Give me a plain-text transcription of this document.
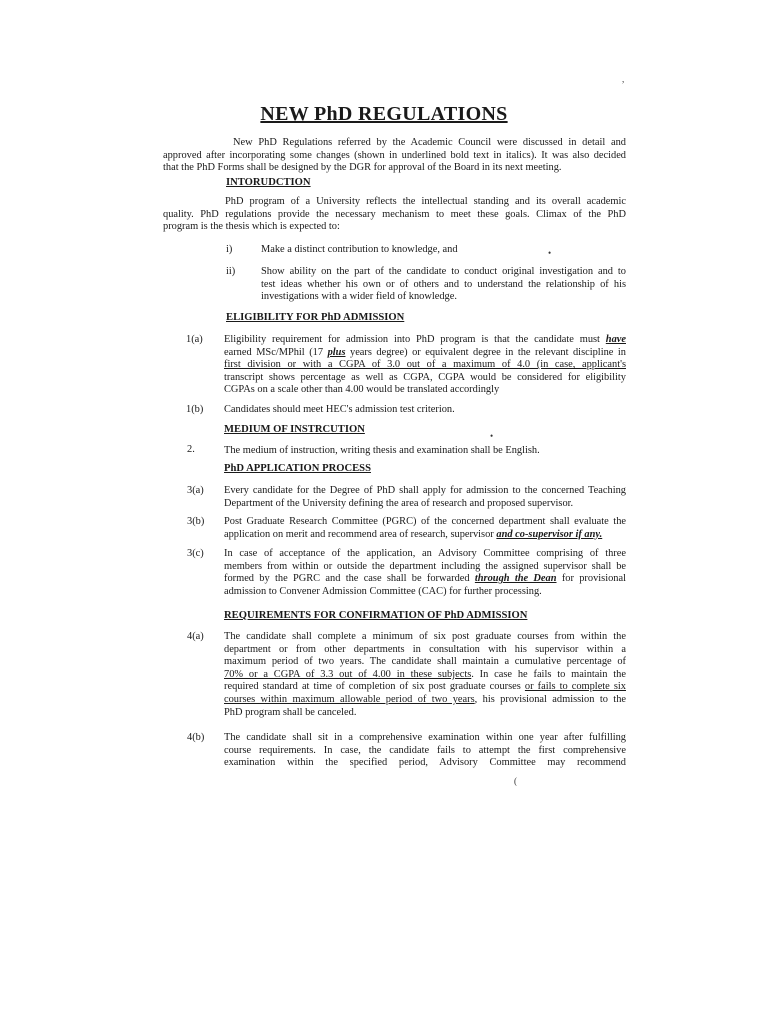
NEW PhD REGULATIONS
New PhD Regulations referred by the Academic Council were discussed in detail and
approved after incorporating some changes (shown in underlined bold text in italics). It was also decided
that the PhD Forms shall be designed by the DGR for approval of the Board in its next meeting.
INTORUDCTION
PhD program of a University reflects the intellectual standing and its overall academic
quality. PhD regulations provide the necessary mechanism to meet these goals. Climax of the PhD
program is the thesis which is expected to:
i)	Make a distinct contribution to knowledge, and	•
ii) Show ability on the part of the candidate to conduct original investigation and to
test ideas whether his own or of others and to understand the relationship of his
investigations with a wider field of knowledge.
ELIGIBILITY FOR PhD ADMISSION
1(a) Eligibility requirement for admission into PhD program is that the candidate must have
earned MSc/MPhil (17 plus years degree) or equivalent degree in the relevant discipline in
first division or with a CGPA of 3.0 out of a maximum of 4.0 (in case, applicant's
transcript shows percentage as well as CGPA, CGPA would be considered for eligibility
CGPAs on a scale other than 4.00 would be translated accordingly
1(b) Candidates should meet HEC's admission test criterion.
MEDIUM OF INSTRCUTION
•
2.	The medium of instruction, writing thesis and examination shall be English.
PhD APPLICATION PROCESS
3(a) Every candidate for the Degree of PhD shall apply for admission to the concerned Teaching
Department of the University defining the area of research and proposed supervisor.
3(b) Post Graduate Research Committee (PGRC) of the concerned department shall evaluate the
application on merit and recommend area of research, supervisor and co-supervisor if any.
3(c) In case of acceptance of the application, an Advisory Committee comprising of three
members from within or outside the department including the assigned supervisor shall be
formed by the PGRC and the case shall be forwarded through the Dean for provisional
admission to Convener Admission Committee (CAC) for further processing.
REQUIREMENTS FOR CONFIRMATION OF PhD ADMISSION
4(a) The candidate shall complete a minimum of six post graduate courses from within the
department or from other departments in consultation with his supervisor within a
maximum period of two years. The candidate shall maintain a cumulative percentage of
70% or a CGPA of 3.3 out of 4.00 in these subjects. In case he fails to maintain the
required standard at time of completion of six post graduate courses or fails to complete six
courses within maximum allowable period of two years, his provisional admission to the
PhD program shall be canceled.
4(b) The candidate shall sit in a comprehensive examination within one year after fulfilling
course requirements. In case, the candidate fails to attempt the first comprehensive
examination within the specified period, Advisory Committee may recommend
(
,
